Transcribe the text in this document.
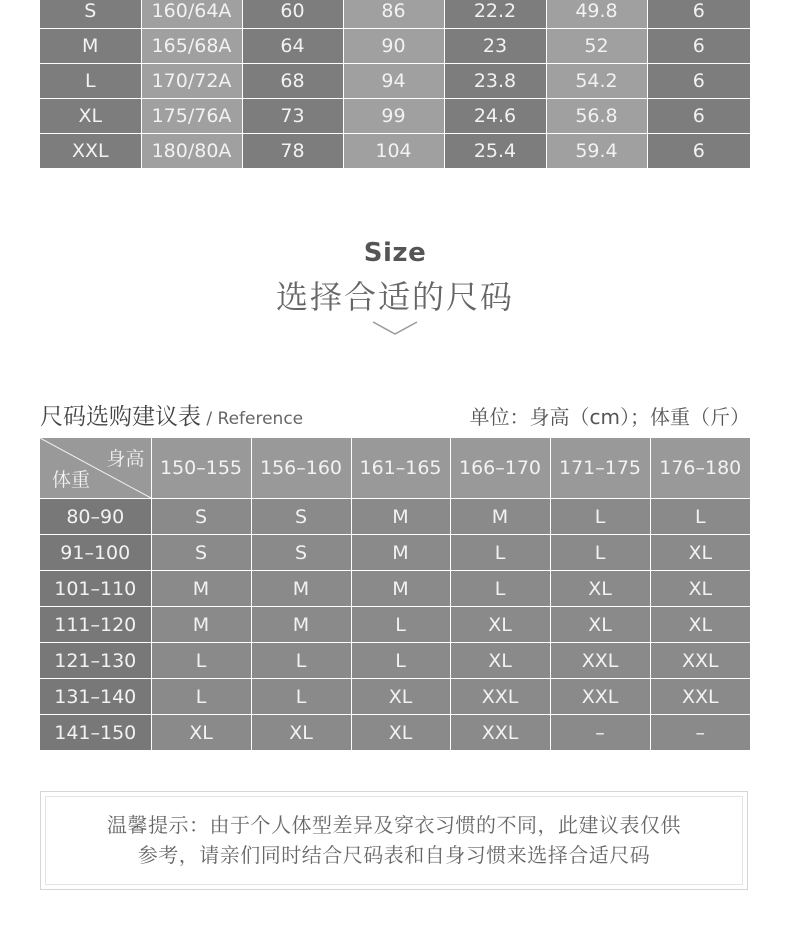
S	160/64A	60	86	22.2	49.8	6
M	165/68A	64	90	23	52	6
L	170/72A	68	94	23.8	54.2	6
XL	175/76A	73	99	24.6	56.8	6
XXL	180/80A	78	104	25.4	59.4	6
Size
选择合适的尺码
尺码选购建议表 / Reference	单位：身高（cm）；体重（斤）
身高
体重	150–155	156–160	161–165	166–170	171–175	176–180
80–90	S	S	M	M	L	L
91–100	S	S	M	L	L	XL
101–110	M	M	M	L	XL	XL
111–120	M	M	L	XL	XL	XL
121–130	L	L	L	XL	XXL	XXL
131–140	L	L	XL	XXL	XXL	XXL
141–150	XL	XL	XL	XXL	–	–
温馨提示：由于个人体型差异及穿衣习惯的不同，此建议表仅供
参考，请亲们同时结合尺码表和自身习惯来选择合适尺码
